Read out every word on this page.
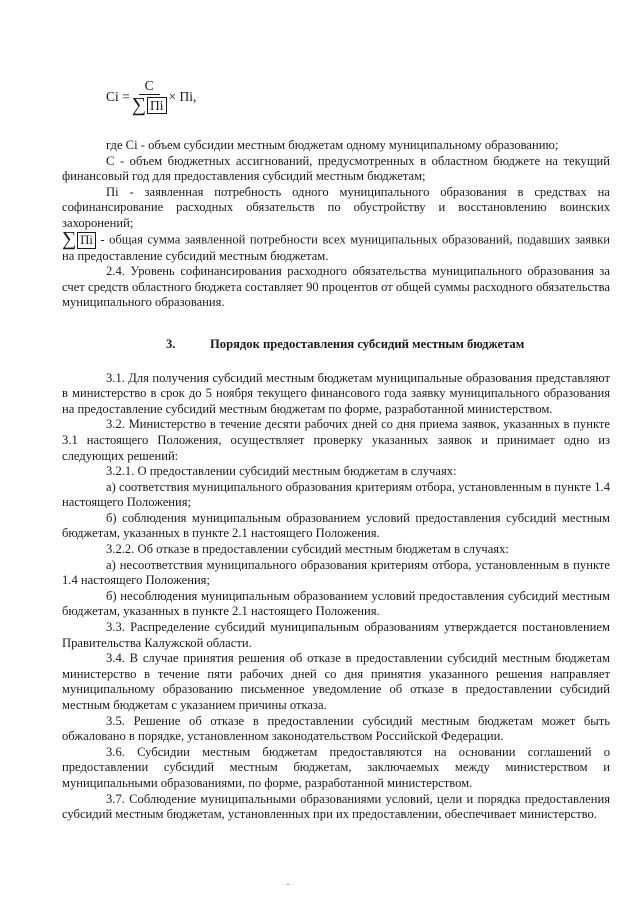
$Ci = \frac{C}{\sum Пi}$ × Пi,

где Ci - объем субсидии местным бюджетам одному муниципальному образованию;

С - объем бюджетных ассигнований, предусмотренных в областном бюджете на текущий финансовый год для предоставления субсидий местным бюджетам;

Пi - заявленная потребность одного муниципального образования в средствах на софинансирование расходных обязательств по обустройству и восстановлению воинских захоронений;

∑ Пi - общая сумма заявленной потребности всех муниципальных образований, подавших заявки на предоставление субсидий местным бюджетам.

2.4. Уровень софинансирования расходного обязательства муниципального образования за счет средств областного бюджета составляет 90 процентов от общей суммы расходного обязательства муниципального образования.

3.	Порядок предоставления субсидий местным бюджетам

3.1. Для получения субсидий местным бюджетам муниципальные образования представляют в министерство в срок до 5 ноября текущего финансового года заявку муниципального образования на предоставление субсидий местным бюджетам по форме, разработанной министерством.

3.2. Министерство в течение десяти рабочих дней со дня приема заявок, указанных в пункте 3.1 настоящего Положения, осуществляет проверку указанных заявок и принимает одно из следующих решений:

3.2.1. О предоставлении субсидий местным бюджетам в случаях:

а) соответствия муниципального образования критериям отбора, установленным в пункте 1.4 настоящего Положения;

б) соблюдения муниципальным образованием условий предоставления субсидий местным бюджетам, указанных в пункте 2.1 настоящего Положения.

3.2.2. Об отказе в предоставлении субсидий местным бюджетам в случаях:

а) несоответствия муниципального образования критериям отбора, установленным в пункте 1.4 настоящего Положения;

б) несоблюдения муниципальным образованием условий предоставления субсидий местным бюджетам, указанных в пункте 2.1 настоящего Положения.

3.3. Распределение субсидий муниципальным образованиям утверждается постановлением Правительства Калужской области.

3.4. В случае принятия решения об отказе в предоставлении субсидий местным бюджетам министерство в течение пяти рабочих дней со дня принятия указанного решения направляет муниципальному образованию письменное уведомление об отказе в предоставлении субсидий местным бюджетам с указанием причины отказа.

3.5. Решение об отказе в предоставлении субсидий местным бюджетам может быть обжаловано в порядке, установленном законодательством Российской Федерации.

3.6. Субсидии местным бюджетам предоставляются на основании соглашений о предоставлении субсидий местным бюджетам, заключаемых между министерством и муниципальными образованиями, по форме, разработанной министерством.

3.7. Соблюдение муниципальными образованиями условий, цели и порядка предоставления субсидий местным бюджетам, установленных при их предоставлении, обеспечивает министерство.
